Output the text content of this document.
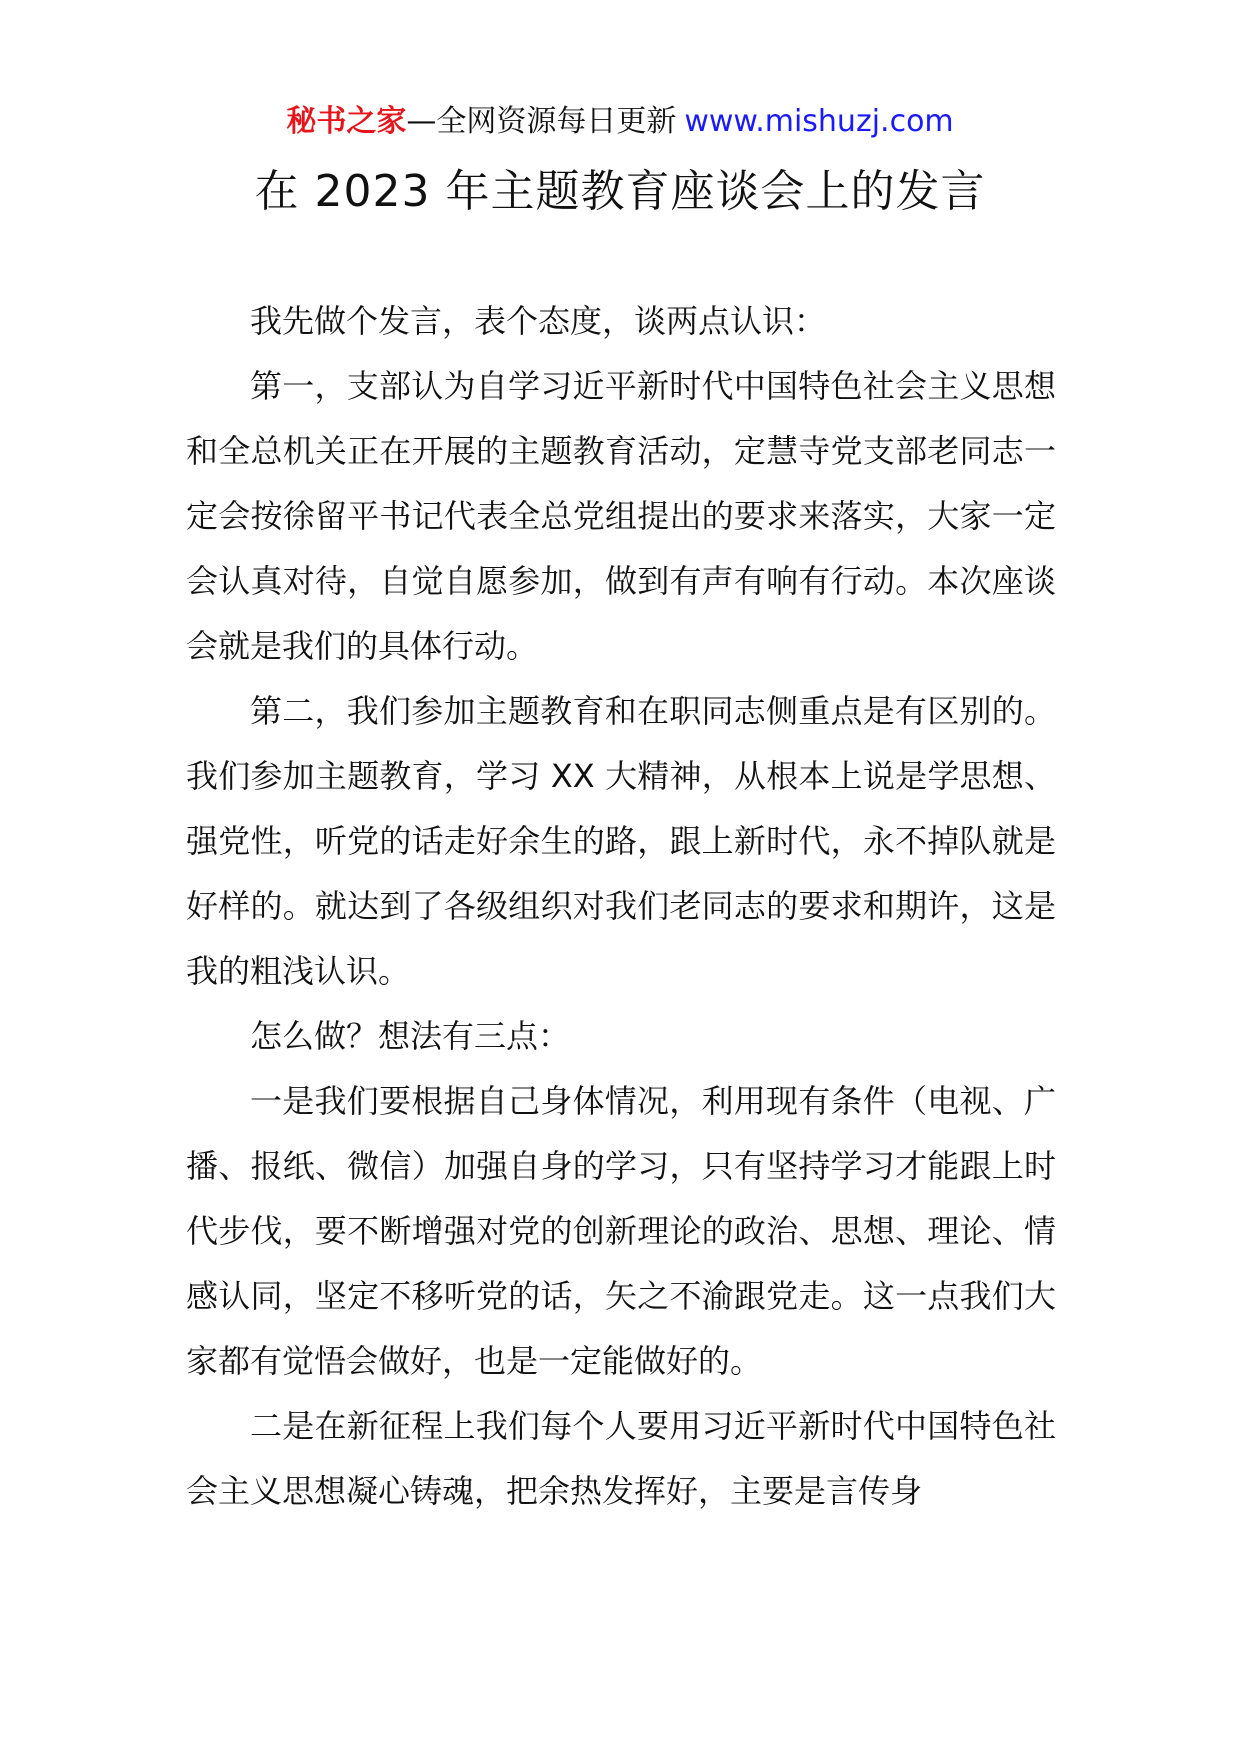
秘书之家—全网资源每日更新 www.mishuzj.com
在 2023 年主题教育座谈会上的发言

我先做个发言，表个态度，谈两点认识：

第一，支部认为自学习近平新时代中国特色社会主义思想和全总机关正在开展的主题教育活动，定慧寺党支部老同志一定会按徐留平书记代表全总党组提出的要求来落实，大家一定会认真对待，自觉自愿参加，做到有声有响有行动。本次座谈会就是我们的具体行动。

第二，我们参加主题教育和在职同志侧重点是有区别的。我们参加主题教育，学习 XX 大精神，从根本上说是学思想、强党性，听党的话走好余生的路，跟上新时代，永不掉队就是好样的。就达到了各级组织对我们老同志的要求和期许，这是我的粗浅认识。

怎么做？想法有三点：

一是我们要根据自己身体情况，利用现有条件（电视、广播、报纸、微信）加强自身的学习，只有坚持学习才能跟上时代步伐，要不断增强对党的创新理论的政治、思想、理论、情感认同，坚定不移听党的话，矢之不渝跟党走。这一点我们大家都有觉悟会做好，也是一定能做好的。

二是在新征程上我们每个人要用习近平新时代中国特色社会主义思想凝心铸魂，把余热发挥好，主要是言传身
